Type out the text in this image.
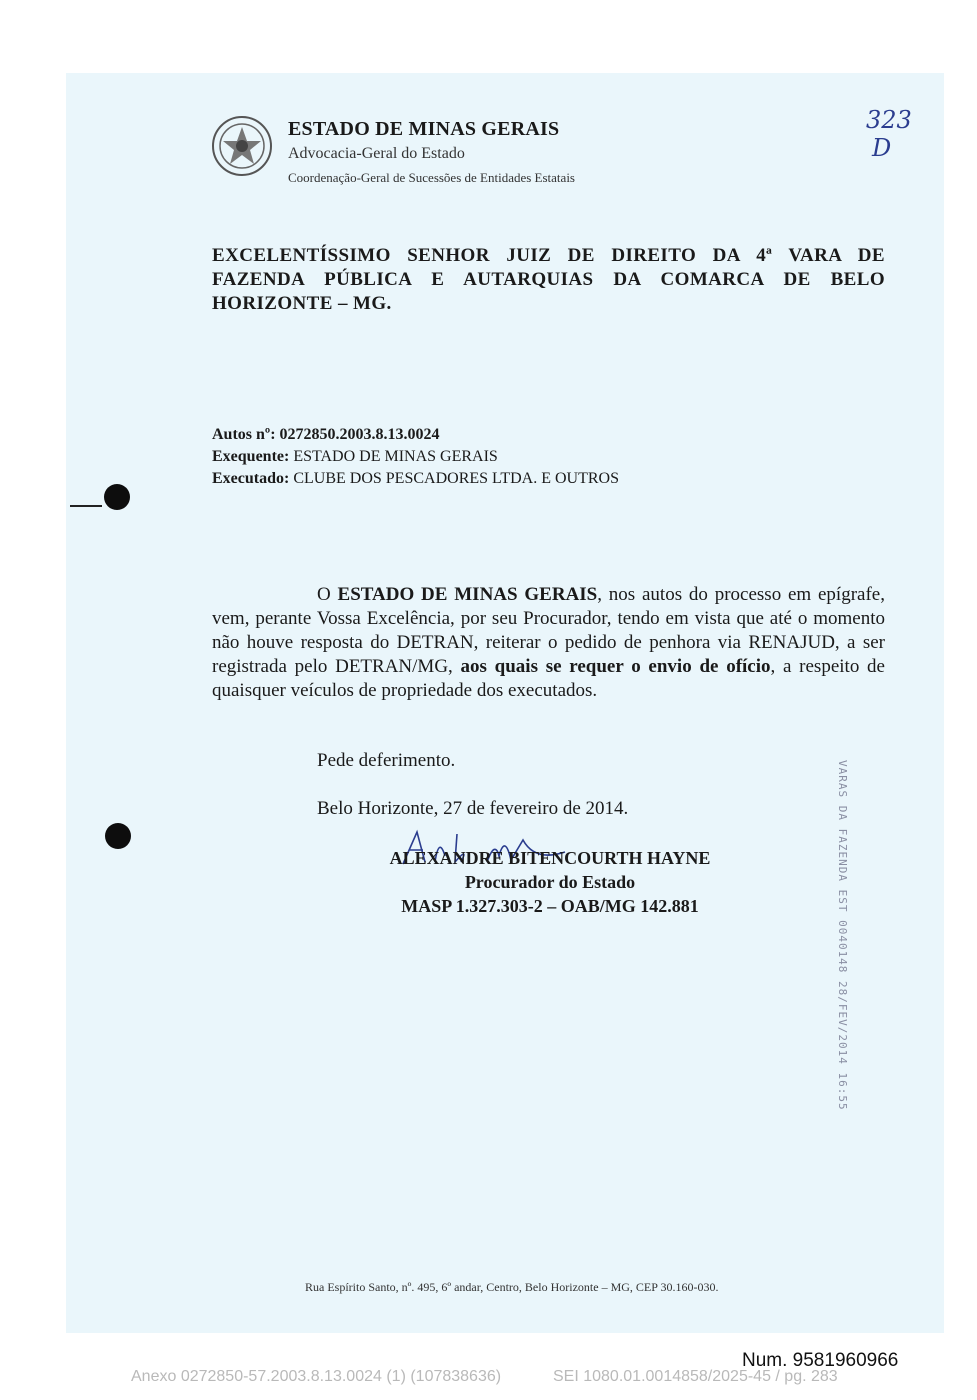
ESTADO DE MINAS GERAIS
Advocacia-Geral do Estado
Coordenação-Geral de Sucessões de Entidades Estatais
323
D
EXCELENTÍSSIMO SENHOR JUIZ DE DIREITO DA 4ª VARA DE FAZENDA PÚBLICA E AUTARQUIAS DA COMARCA DE BELO HORIZONTE – MG.
Autos nº: 0272850.2003.8.13.0024
Exequente: ESTADO DE MINAS GERAIS
Executado: CLUBE DOS PESCADORES LTDA. E OUTROS
O ESTADO DE MINAS GERAIS, nos autos do processo em epígrafe, vem, perante Vossa Excelência, por seu Procurador, tendo em vista que até o momento não houve resposta do DETRAN, reiterar o pedido de penhora via RENAJUD, a ser registrada pelo DETRAN/MG, aos quais se requer o envio de ofício, a respeito de quaisquer veículos de propriedade dos executados.
Pede deferimento.
Belo Horizonte, 27 de fevereiro de 2014.
ALEXANDRE BITENCOURTH HAYNE
Procurador do Estado
MASP 1.327.303-2 – OAB/MG 142.881	VARAS DA FAZENDA EST 0040148 28/FEV/2014 16:55
Rua Espírito Santo, nº. 495, 6º andar, Centro, Belo Horizonte – MG, CEP 30.160-030.
Num. 9581960966
Anexo 0272850-57.2003.8.13.0024 (1) (107838636)	SEI 1080.01.0014858/2025-45 / pg. 283
